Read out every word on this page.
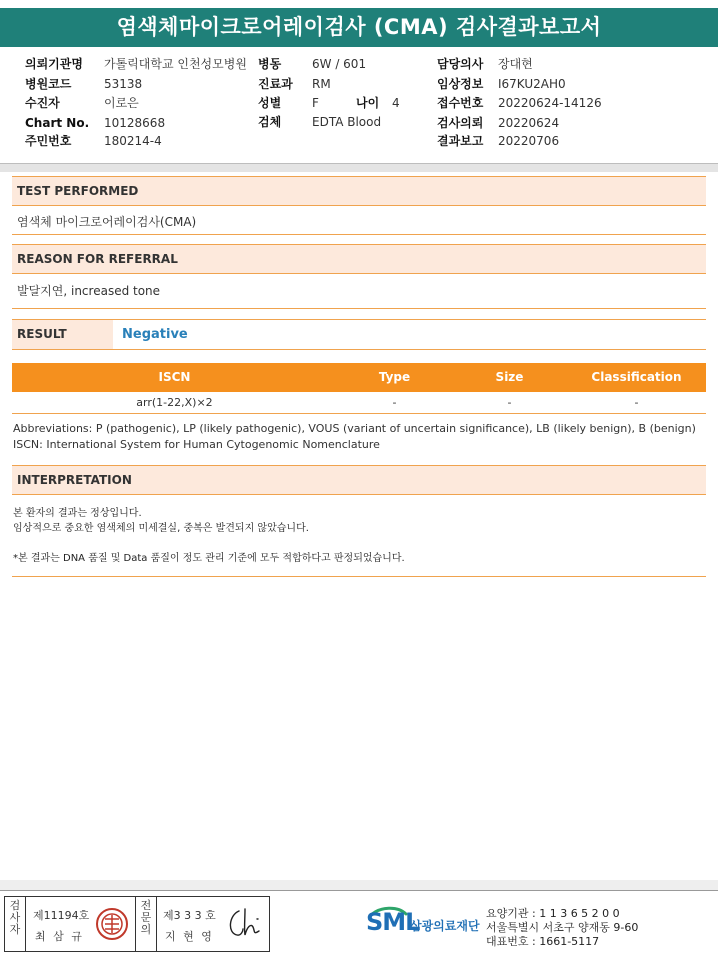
염색체마이크로어레이검사 (CMA) 검사결과보고서
의뢰기관명 가톨릭대학교 인천성모병원
병원코드	53138
수진자	이로은
Chart No. 10128668
주민번호	180214-4
병동	6W / 601
진료과 RM
성별	F	나이 4
검체	EDTA Blood
담당의사 장대현
임상정보 I67KU2AH0
접수번호 20220624-14126
검사의뢰 20220624
결과보고 20220706
TEST PERFORMED
염색체 마이크로어레이검사(CMA)
REASON FOR REFERRAL
발달지연, increased tone
RESULT	Negative
ISCN	Type	Size	Classification
arr(1-22,X)×2	-	-	-
Abbreviations: P (pathogenic), LP (likely pathogenic), VOUS (variant of uncertain significance), LB (likely benign), B (benign)
ISCN: International System for Human Cytogenomic Nomenclature
INTERPRETATION
본 환자의 결과는 정상입니다.
임상적으로 중요한 염색체의 미세결실, 중복은 발견되지 않았습니다.
*본 결과는 DNA 품질 및 Data 품질이 정도 관리 기준에 모두 적합하다고 판정되었습니다.
검사자
제11194호
최 삼 규
전문의
제3 3 3 호
지 현 영
SML
삼광의료재단
요양기관 : 1 1 3 6 5 2 0 0
서울특별시 서초구 양재동 9-60
대표번호 : 1661-5117
